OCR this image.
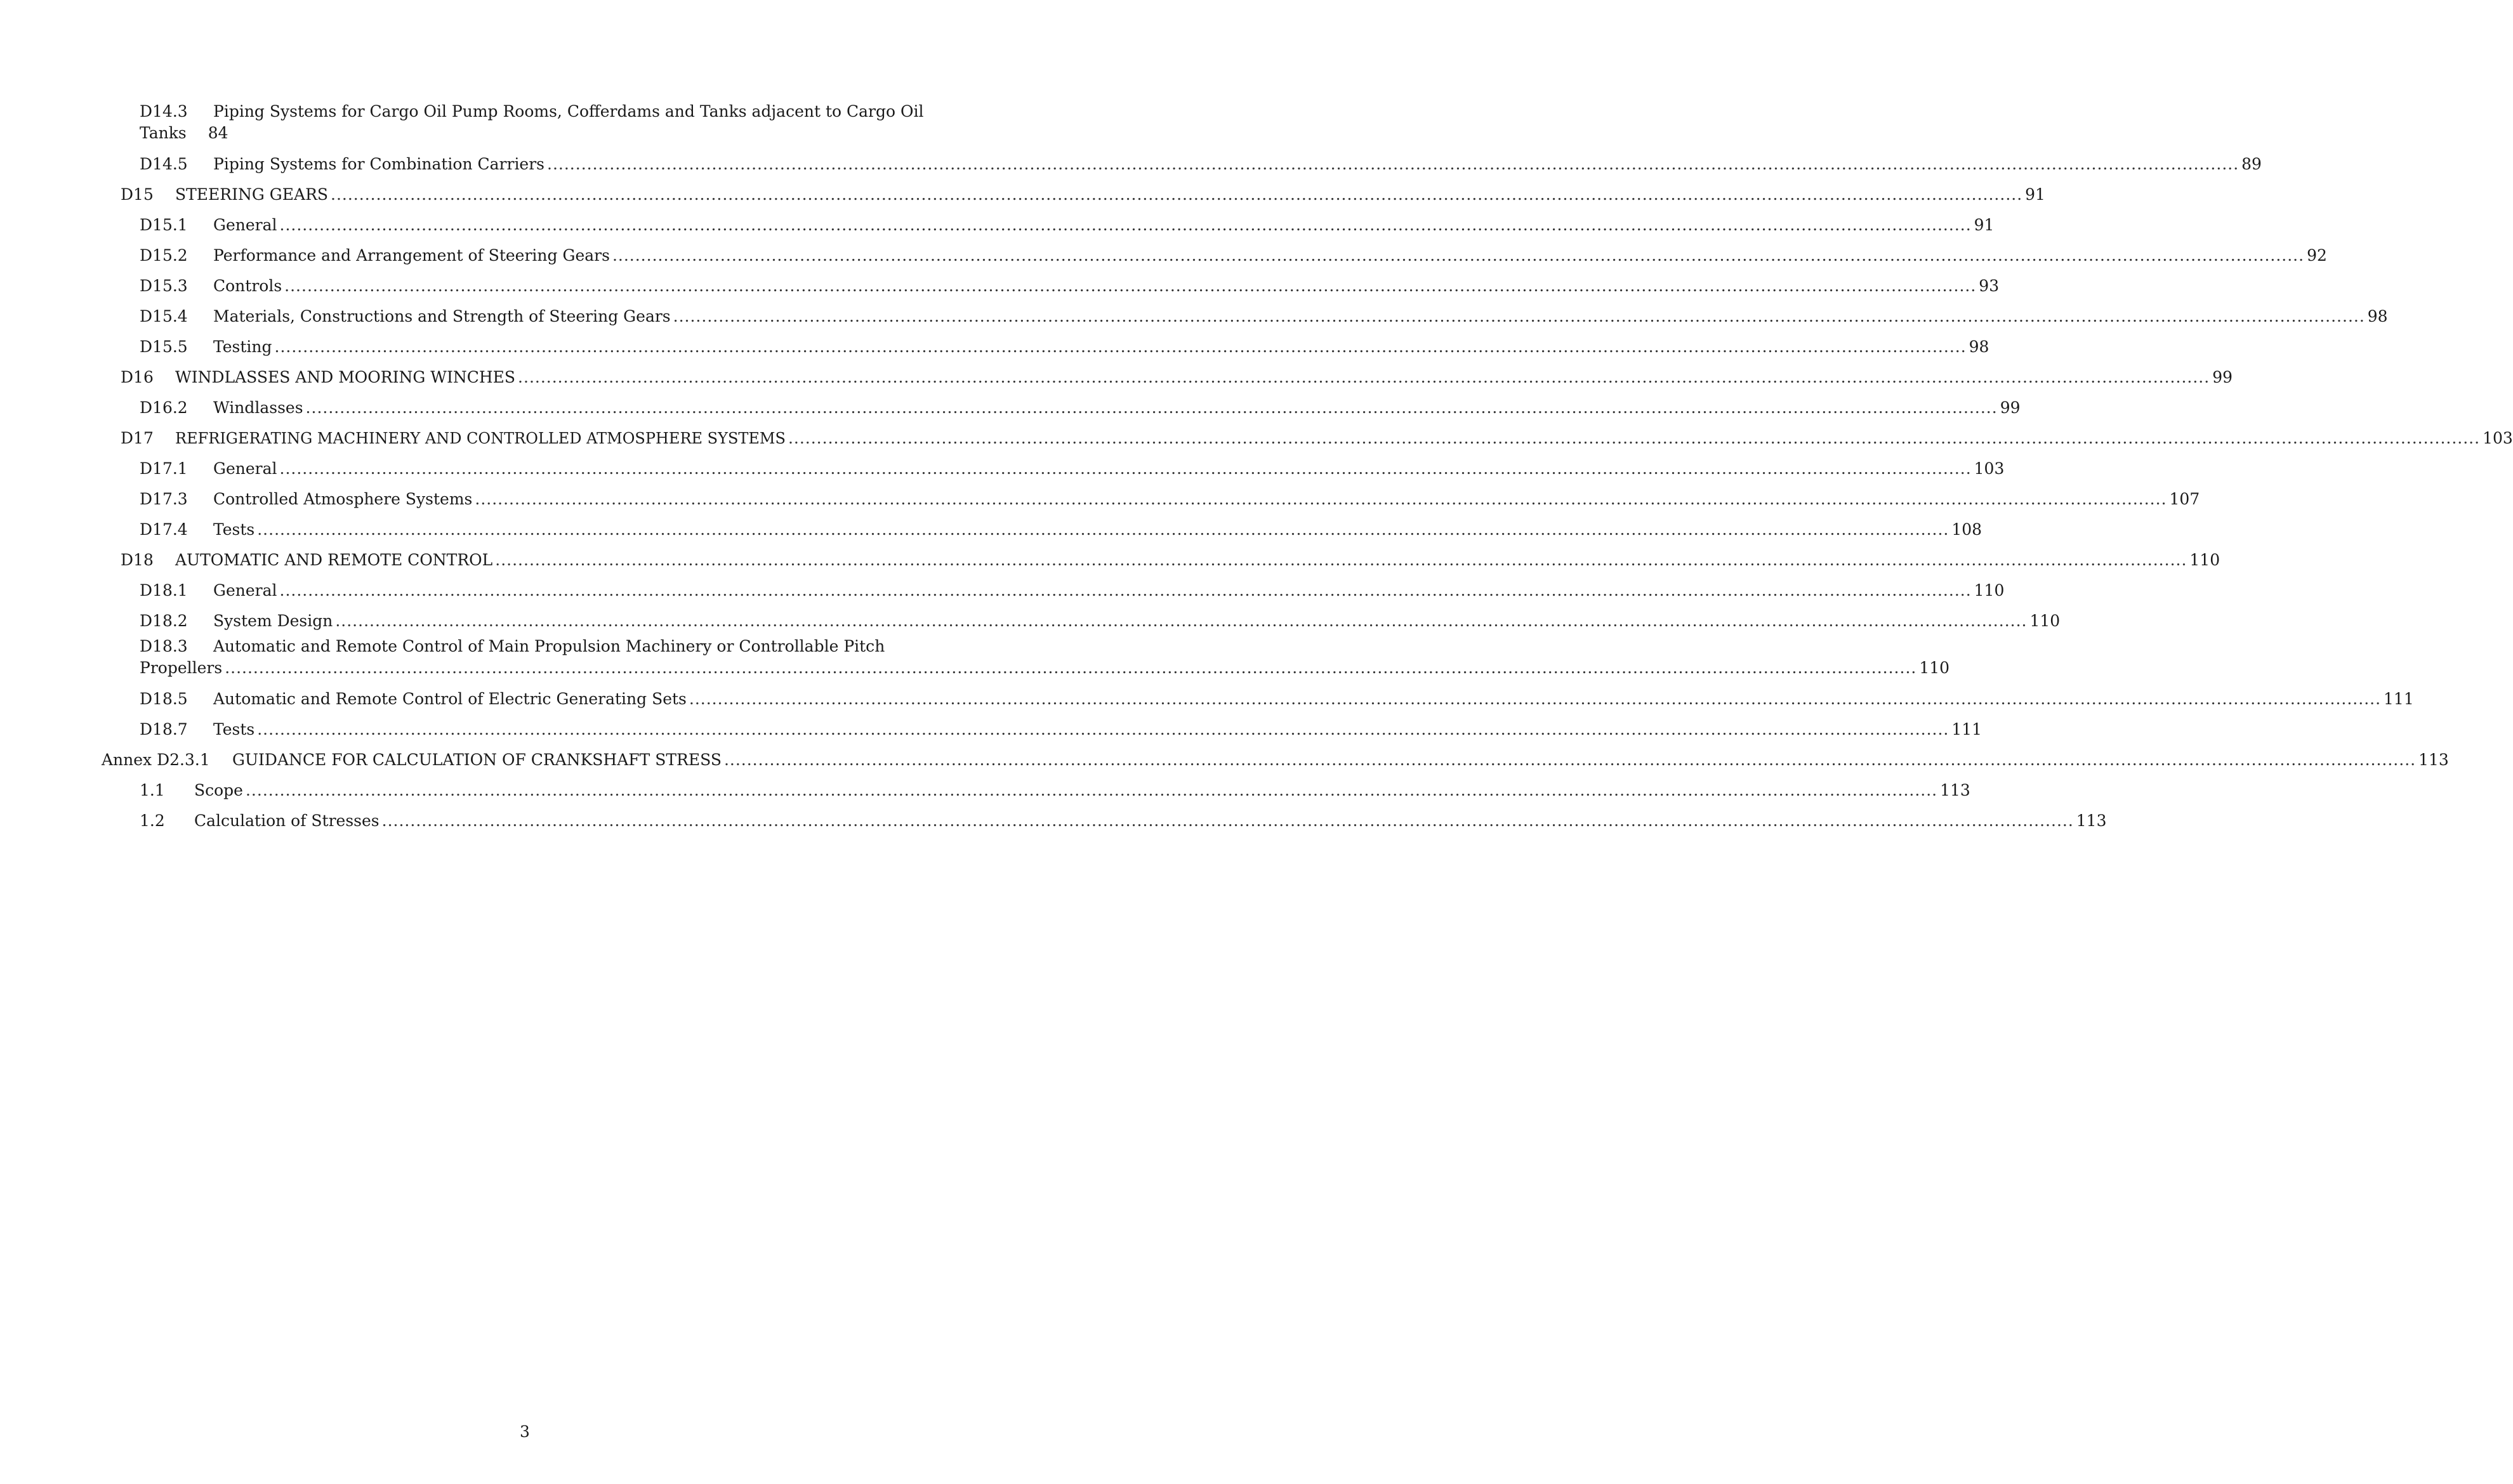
D14.3 Piping Systems for Cargo Oil Pump Rooms, Cofferdams and Tanks adjacent to Cargo Oil
Tanks 84
D14.5	Piping Systems for Combination Carriers .....	89
D15	STEERING GEARS .....	91
D15.1	General .....	91
D15.2	Performance and Arrangement of Steering Gears .....	92
D15.3	Controls .....	93
D15.4	Materials, Constructions and Strength of Steering Gears .....	98
D15.5	Testing .....	98
D16	WINDLASSES AND MOORING WINCHES .....	99
D16.2	Windlasses .....	99
D17	REFRIGERATING MACHINERY AND CONTROLLED ATMOSPHERE SYSTEMS .....	103
D17.1	General .....	103
D17.3	Controlled Atmosphere Systems .....	107
D17.4	Tests .....	108
D18	AUTOMATIC AND REMOTE CONTROL .....	110
D18.1	General .....	110
D18.2	System Design .....	110
D18.3 Automatic and Remote Control of Main Propulsion Machinery or Controllable Pitch
Propellers .....	110
D18.5	Automatic and Remote Control of Electric Generating Sets .....	111
D18.7	Tests .....	111
Annex D2.3.1	GUIDANCE FOR CALCULATION OF CRANKSHAFT STRESS .....	113
1.1	Scope .....	113
1.2	Calculation of Stresses .....	113
3
